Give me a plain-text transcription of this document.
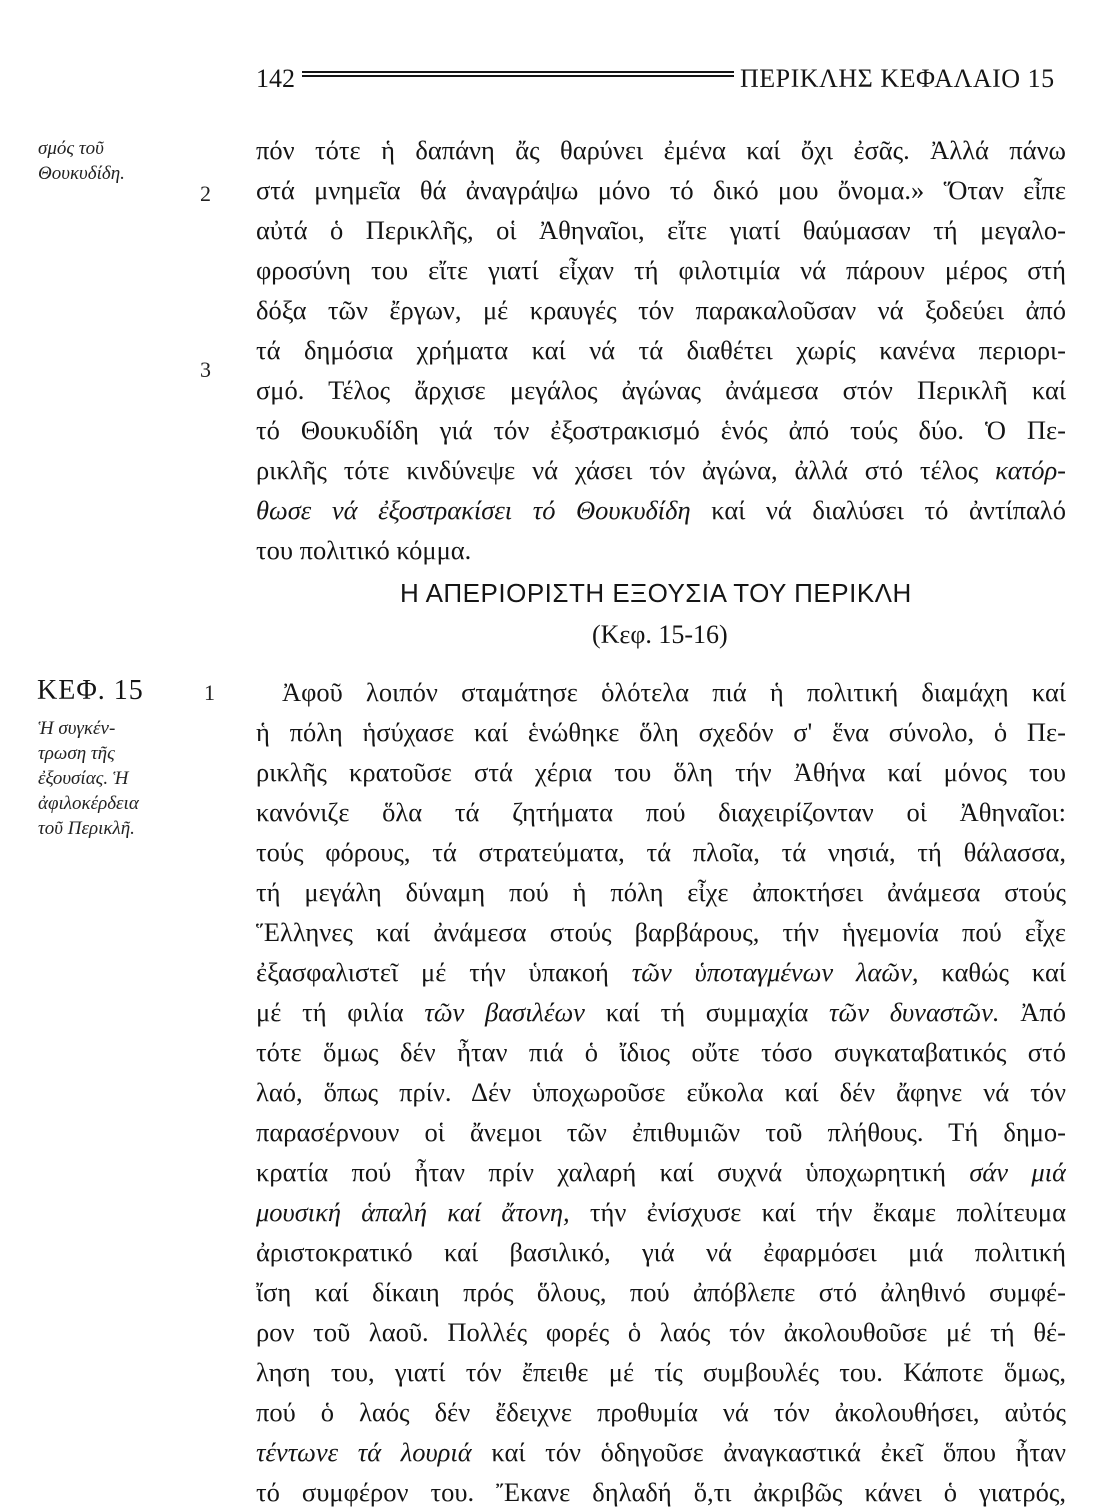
142	ΠΕΡΙΚΛΗΣ ΚΕΦΑΛΑΙΟ 15
σμός τοῦ
Θουκυδίδη.
2
3
1
ΚΕΦ. 15
Ἡ συγκέν-
τρωση τῆς
ἐξουσίας. Ἡ
ἀφιλοκέρδεια
τοῦ Περικλῆ.
πόν τότε ἡ δαπάνη ἄς θαρύνει ἐμένα καί ὄχι ἐσᾶς. Ἀλλά πάνω
στά μνημεῖα θά ἀναγράψω μόνο τό δικό μου ὄνομα.» Ὅταν εἶπε
αὐτά ὁ Περικλῆς, οἱ Ἀθηναῖοι, εἴτε γιατί θαύμασαν τή μεγαλο-
φροσύνη του εἴτε γιατί εἶχαν τή φιλοτιμία νά πάρουν μέρος στή
δόξα τῶν ἔργων, μέ κραυγές τόν παρακαλοῦσαν νά ξοδεύει ἀπό
τά δημόσια χρήματα καί νά τά διαθέτει χωρίς κανένα περιορι-
σμό. Τέλος ἄρχισε μεγάλος ἀγώνας ἀνάμεσα στόν Περικλῆ καί
τό Θουκυδίδη γιά τόν ἐξοστρακισμό ἑνός ἀπό τούς δύο. Ὁ Πε-
ρικλῆς τότε κινδύνεψε νά χάσει τόν ἀγώνα, ἀλλά στό τέλος κατόρ-
θωσε νά ἐξοστρακίσει τό Θουκυδίδη καί νά διαλύσει τό ἀντίπαλό
του πολιτικό κόμμα.
Η ΑΠΕΡΙΟΡΙΣΤΗ ΕΞΟΥΣΙΑ ΤΟΥ ΠΕΡΙΚΛΗ
(Κεφ. 15-16)
Ἀφοῦ λοιπόν σταμάτησε ὁλότελα πιά ἡ πολιτική διαμάχη καί
ἡ πόλη ἡσύχασε καί ἑνώθηκε ὅλη σχεδόν σ' ἕνα σύνολο, ὁ Πε-
ρικλῆς κρατοῦσε στά χέρια του ὅλη τήν Ἀθήνα καί μόνος του
κανόνιζε ὅλα τά ζητήματα πού διαχειρίζονταν οἱ Ἀθηναῖοι:
τούς φόρους, τά στρατεύματα, τά πλοῖα, τά νησιά, τή θάλασσα,
τή μεγάλη δύναμη πού ἡ πόλη εἶχε ἀποκτήσει ἀνάμεσα στούς
Ἕλληνες καί ἀνάμεσα στούς βαρβάρους, τήν ἡγεμονία πού εἶχε
ἐξασφαλιστεῖ μέ τήν ὑπακοή τῶν ὑποταγμένων λαῶν, καθώς καί
μέ τή φιλία τῶν βασιλέων καί τή συμμαχία τῶν δυναστῶν. Ἀπό
τότε ὅμως δέν ἦταν πιά ὁ ἴδιος οὔτε τόσο συγκαταβατικός στό
λαό, ὅπως πρίν. Δέν ὑποχωροῦσε εὔκολα καί δέν ἄφηνε νά τόν
παρασέρνουν οἱ ἄνεμοι τῶν ἐπιθυμιῶν τοῦ πλήθους. Τή δημο-
κρατία πού ἦταν πρίν χαλαρή καί συχνά ὑποχωρητική σάν μιά
μουσική ἁπαλή καί ἄτονη, τήν ἐνίσχυσε καί τήν ἔκαμε πολίτευμα
ἀριστοκρατικό καί βασιλικό, γιά νά ἐφαρμόσει μιά πολιτική
ἴση καί δίκαιη πρός ὅλους, πού ἀπόβλεπε στό ἀληθινό συμφέ-
ρον τοῦ λαοῦ. Πολλές φορές ὁ λαός τόν ἀκολουθοῦσε μέ τή θέ-
ληση του, γιατί τόν ἔπειθε μέ τίς συμβουλές του. Κάποτε ὅμως,
πού ὁ λαός δέν ἔδειχνε προθυμία νά τόν ἀκολουθήσει, αὐτός
τέντωνε τά λουριά καί τόν ὁδηγοῦσε ἀναγκαστικά ἐκεῖ ὅπου ἦταν
τό συμφέρον του. Ἔκανε δηλαδή ὅ,τι ἀκριβῶς κάνει ὁ γιατρός,
